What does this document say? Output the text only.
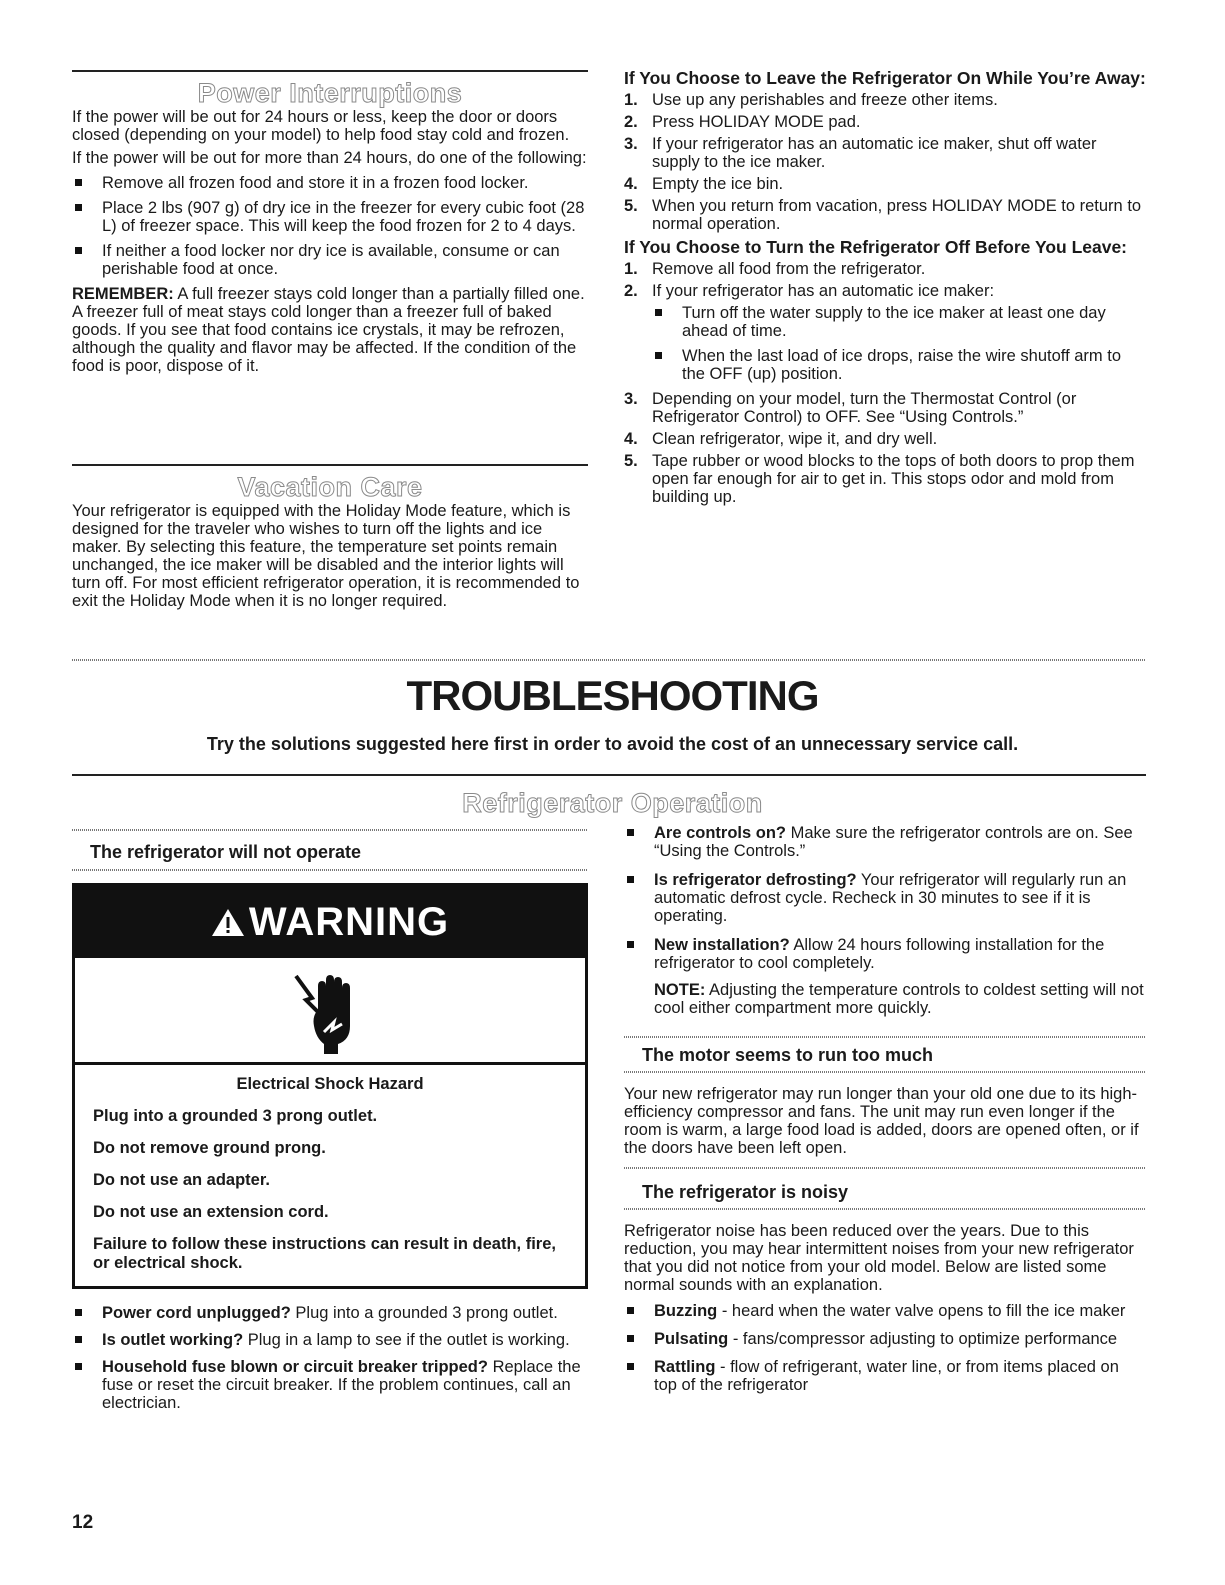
Power Interruptions

If the power will be out for 24 hours or less, keep the door or doors closed (depending on your model) to help food stay cold and frozen.

If the power will be out for more than 24 hours, do one of the following:

Remove all frozen food and store it in a frozen food locker.
Place 2 lbs (907 g) of dry ice in the freezer for every cubic foot (28 L) of freezer space. This will keep the food frozen for 2 to 4 days.
If neither a food locker nor dry ice is available, consume or can perishable food at once.

REMEMBER: A full freezer stays cold longer than a partially filled one. A freezer full of meat stays cold longer than a freezer full of baked goods. If you see that food contains ice crystals, it may be refrozen, although the quality and flavor may be affected. If the condition of the food is poor, dispose of it.

Vacation Care

Your refrigerator is equipped with the Holiday Mode feature, which is designed for the traveler who wishes to turn off the lights and ice maker. By selecting this feature, the temperature set points remain unchanged, the ice maker will be disabled and the interior lights will turn off. For most efficient refrigerator operation, it is recommended to exit the Holiday Mode when it is no longer required.

If You Choose to Leave the Refrigerator On While You’re Away:
1. Use up any perishables and freeze other items.
2. Press HOLIDAY MODE pad.
3. If your refrigerator has an automatic ice maker, shut off water supply to the ice maker.
4. Empty the ice bin.
5. When you return from vacation, press HOLIDAY MODE to return to normal operation.
If You Choose to Turn the Refrigerator Off Before You Leave:
1. Remove all food from the refrigerator.
2. If your refrigerator has an automatic ice maker:
Turn off the water supply to the ice maker at least one day ahead of time.
When the last load of ice drops, raise the wire shutoff arm to the OFF (up) position.
3. Depending on your model, turn the Thermostat Control (or Refrigerator Control) to OFF. See “Using Controls.”
4. Clean refrigerator, wipe it, and dry well.
5. Tape rubber or wood blocks to the tops of both doors to prop them open far enough for air to get in. This stops odor and mold from building up.
TROUBLESHOOTING
Try the solutions suggested here first in order to avoid the cost of an unnecessary service call.
Refrigerator Operation
The refrigerator will not operate
WARNING
Electrical Shock Hazard
Plug into a grounded 3 prong outlet.
Do not remove ground prong.
Do not use an adapter.
Do not use an extension cord.
Failure to follow these instructions can result in death, fire, or electrical shock.
Power cord unplugged? Plug into a grounded 3 prong outlet.
Is outlet working? Plug in a lamp to see if the outlet is working.
Household fuse blown or circuit breaker tripped? Replace the fuse or reset the circuit breaker. If the problem continues, call an electrician.
Are controls on? Make sure the refrigerator controls are on. See “Using the Controls.”
Is refrigerator defrosting? Your refrigerator will regularly run an automatic defrost cycle. Recheck in 30 minutes to see if it is operating.
New installation? Allow 24 hours following installation for the refrigerator to cool completely.

NOTE: Adjusting the temperature controls to coldest setting will not cool either compartment more quickly.

The motor seems to run too much

Your new refrigerator may run longer than your old one due to its high-efficiency compressor and fans. The unit may run even longer if the room is warm, a large food load is added, doors are opened often, or if the doors have been left open.

The refrigerator is noisy

Refrigerator noise has been reduced over the years. Due to this reduction, you may hear intermittent noises from your new refrigerator that you did not notice from your old model. Below are listed some normal sounds with an explanation.

Buzzing - heard when the water valve opens to fill the ice maker
Pulsating - fans/compressor adjusting to optimize performance
Rattling - flow of refrigerant, water line, or from items placed on top of the refrigerator
12
